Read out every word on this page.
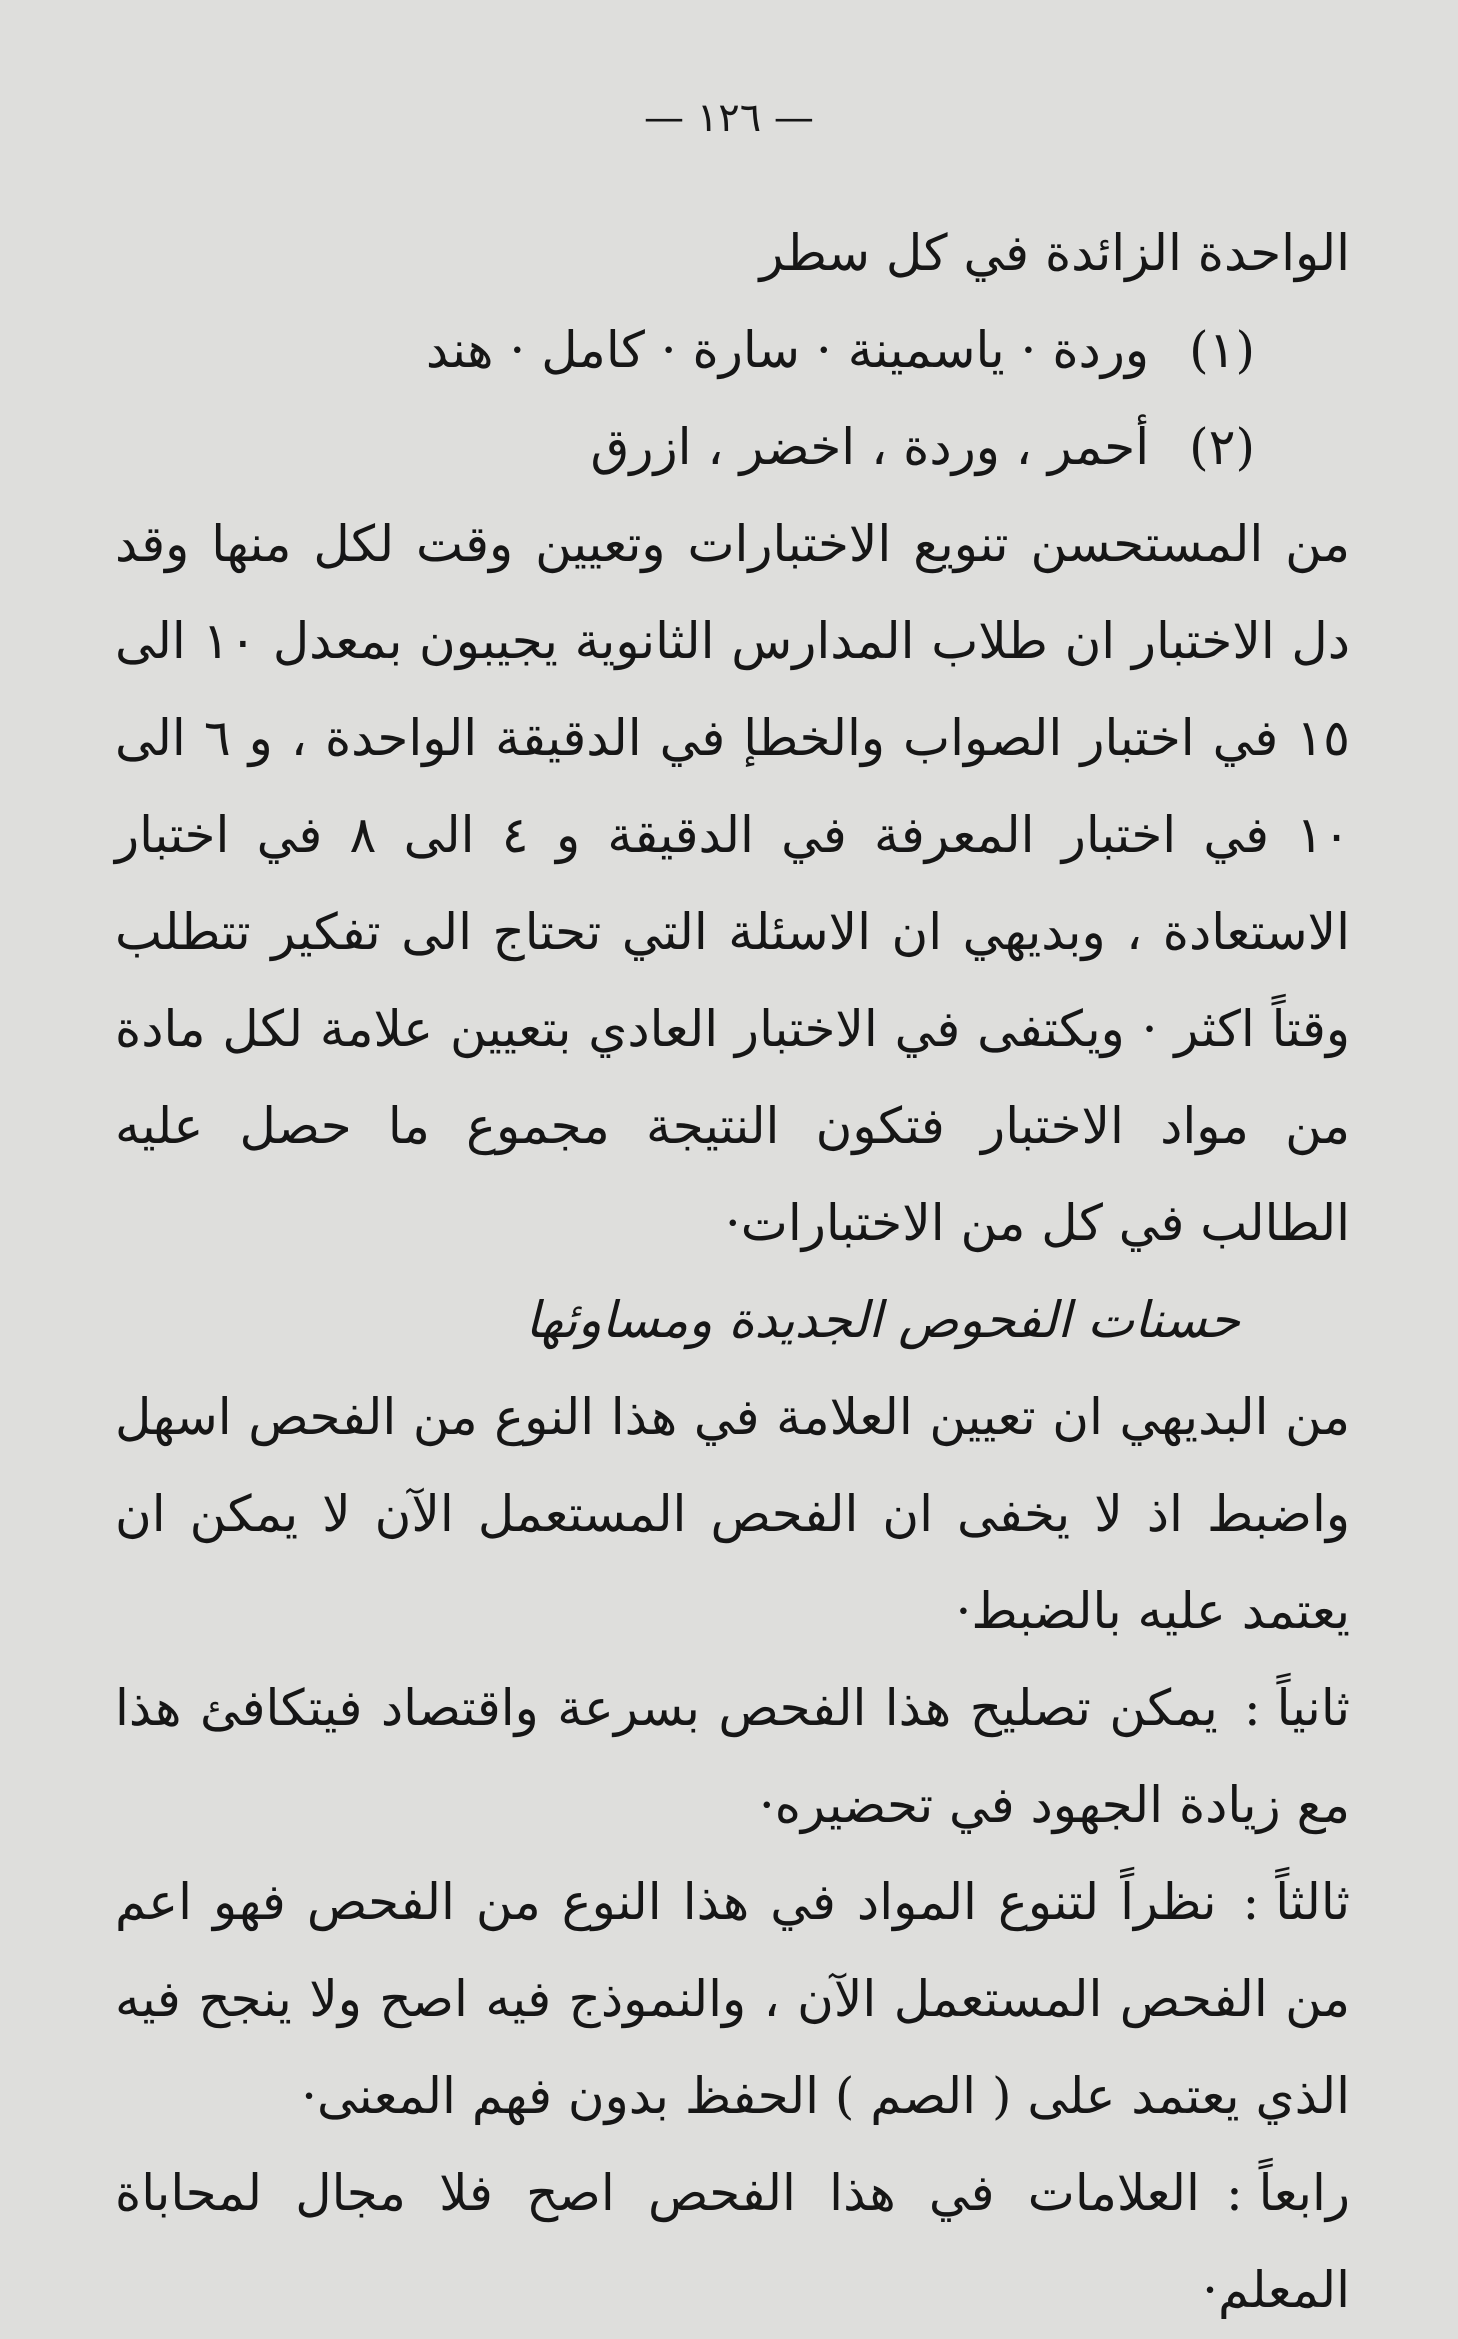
— ١٢٦ —

الواحدة الزائدة في كل سطر

(١) وردة · ياسمينة · سارة · كامل · هند

(٢) أحمر ، وردة ، اخضر ، ازرق

من المستحسن تنويع الاختبارات وتعيين وقت لكل منها وقد دل الاختبار ان طلاب المدارس الثانوية يجيبون بمعدل ١٠ الى ١٥ في اختبار الصواب والخطإ في الدقيقة الواحدة ، و ٦ الى ١٠ في اختبار المعرفة في الدقيقة و ٤ الى ٨ في اختبار الاستعادة ، وبديهي ان الاسئلة التي تحتاج الى تفكير تتطلب وقتاً اكثر · ويكتفى في الاختبار العادي بتعيين علامة لكل مادة من مواد الاختبار فتكون النتيجة مجموع ما حصل عليه الطالب في كل من الاختبارات·

حسنات الفحوص الجديدة ومساوئها

من البديهي ان تعيين العلامة في هذا النوع من الفحص اسهل واضبط اذ لا يخفى ان الفحص المستعمل الآن لا يمكن ان يعتمد عليه بالضبط·

ثانياً :يمكن تصليح هذا الفحص بسرعة واقتصاد فيتكافئ هذا مع زيادة الجهود في تحضيره·

ثالثاً :نظراً لتنوع المواد في هذا النوع من الفحص فهو اعم من الفحص المستعمل الآن ، والنموذج فيه اصح ولا ينجح فيه الذي يعتمد على ( الصم ) الحفظ بدون فهم المعنى·

رابعاً :العلامات في هذا الفحص اصح فلا مجال لمحاباة المعلم·
